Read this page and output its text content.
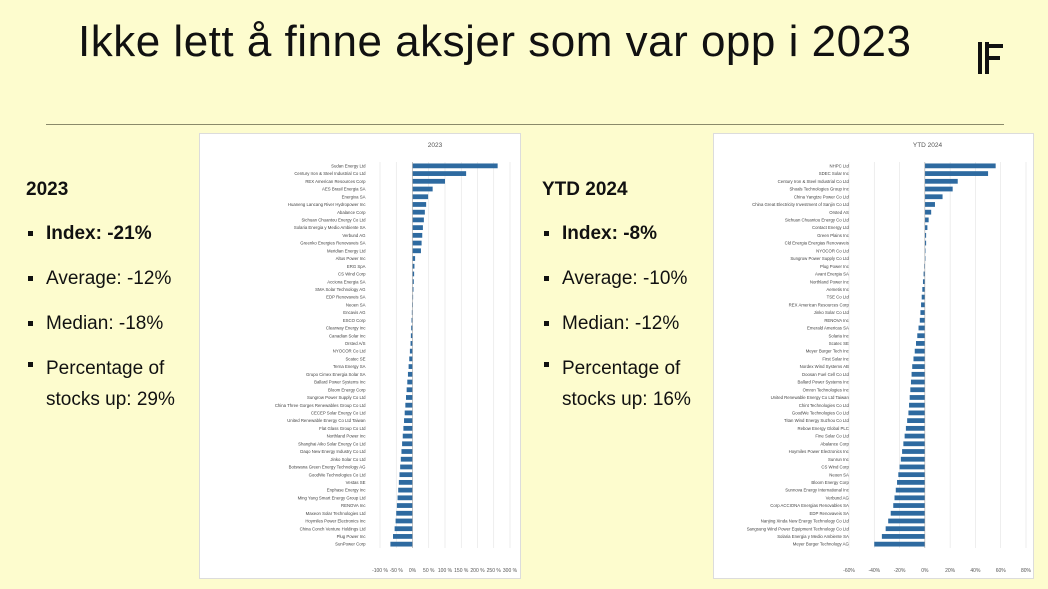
Ikke lett å finne aksjer som var opp i 2023
2023
Index: -21%
Average: -12%
Median: -18%
Percentage of stocks up: 29%
YTD 2024
Index: -8%
Average: -10%
Median: -12%
Percentage of stocks up: 16%
2023
-100 % -50 % 0% 50 % 100 % 150 % 200 % 250 % 300 %
Sudan Energy Ltd
Century Iron & Steel Industrial Co Ltd
REX American Resources Corp
AES Brasil Energia SA
Energixa SA
Huaneng Lancang River Hydropower Inc
Abalance Corp
Sichuan Chuantou Energy Co Ltd
Solaria Energia y Medio Ambiente SA
Verbund AG
Greenko Energies Renovaveis SA
Meridian Energy Ltd
Altus Power Inc
ERG SpA
CS Wind Corp
Acciona Energia SA
SMA Solar Technology AG
EDP Renovaveis SA
Neoen SA
Encavis AG
ESCO Corp
Clearway Energy Inc
Canadian Solar Inc
Orsted A/S
NYOCOR Co Ltd
Scatec SE
Terna Energy SA
Grupo Cimex Energia Solar SA
Ballard Power Systems Inc
Bloom Energy Corp
Sungrow Power Supply Co Ltd
China Three Gorges Renewables Group Co Ltd
CECEP Solar Energy Co Ltd
United Renewable Energy Co Ltd Taiwan
Flat Glass Group Co Ltd
Northland Power Inc
Shanghai Aiko Solar Energy Co Ltd
Daqo New Energy Industry Co Ltd
Jinko Solar Co Ltd
Botswana Green Energy Technology AG
GoodWe Technologies Co Ltd
Vestas SE
Enphase Energy Inc
Ming Yang Smart Energy Group Ltd
RENOVA Inc
Maxeon Solar Technologies Ltd
Hoymiles Power Electronics Inc
China Conch Venture Holdings Ltd
Plug Power Inc
SunPower Corp
YTD 2024
-60%	-40%	-20%	0%	20%	40%	60%	80%
NHPC Ltd
SDEC Solar Inc
Century Iron & Steel Industrial Co Ltd
Shoals Technologies Group Inc
China Yangtze Power Co Ltd
China Great Electricity Investment of Sanjin Co Ltd
Orsted AS
Sichuan Chuantou Energy Co Ltd
Contact Energy Ltd
Green Plains Inc
Cld Energia Energias Renovaveis
NYOCOR Co Ltd
Sungrow Power Supply Co Ltd
Plug Power Inc
Avant Energia SA
Northland Power Inc
Aemetis Inc
TSE Co Ltd
REX American Resources Corp
Jinko Solar Co Ltd
RENOVA Inc
Emerald Americas SA
Solaria Inc
Scatec SE
Meyer Burger Tech Inc
First Solar Inc
Nordex Wind Systems AB
Doosan Fuel Cell Co Ltd
Ballard Power Systems Inc
Omron Technologies Inc
United Renewable Energy Co Ltd Taiwan
Chint Technologies Co Ltd
GoodWe Technologies Co Ltd
Titan Wind Energy Suzhou Co Ltd
Rebow Energy Global PLC
Fine Solar Co Ltd
Abalance Corp
Hoymiles Power Electronics Inc
Sunrun Inc
CS Wind Corp
Neoen SA
Bloom Energy Corp
Sunnova Energy International Inc
Verbund AG
Corp ACCIONA Energias Renovables SA
EDP Renovaveis SA
Nanjing Xinda New Energy Technology Co Ltd
Sangsung Wind Power Equipment Technology Co Ltd
Solaria Energia y Medio Ambiente SA
Meyer Burger Technology AG
